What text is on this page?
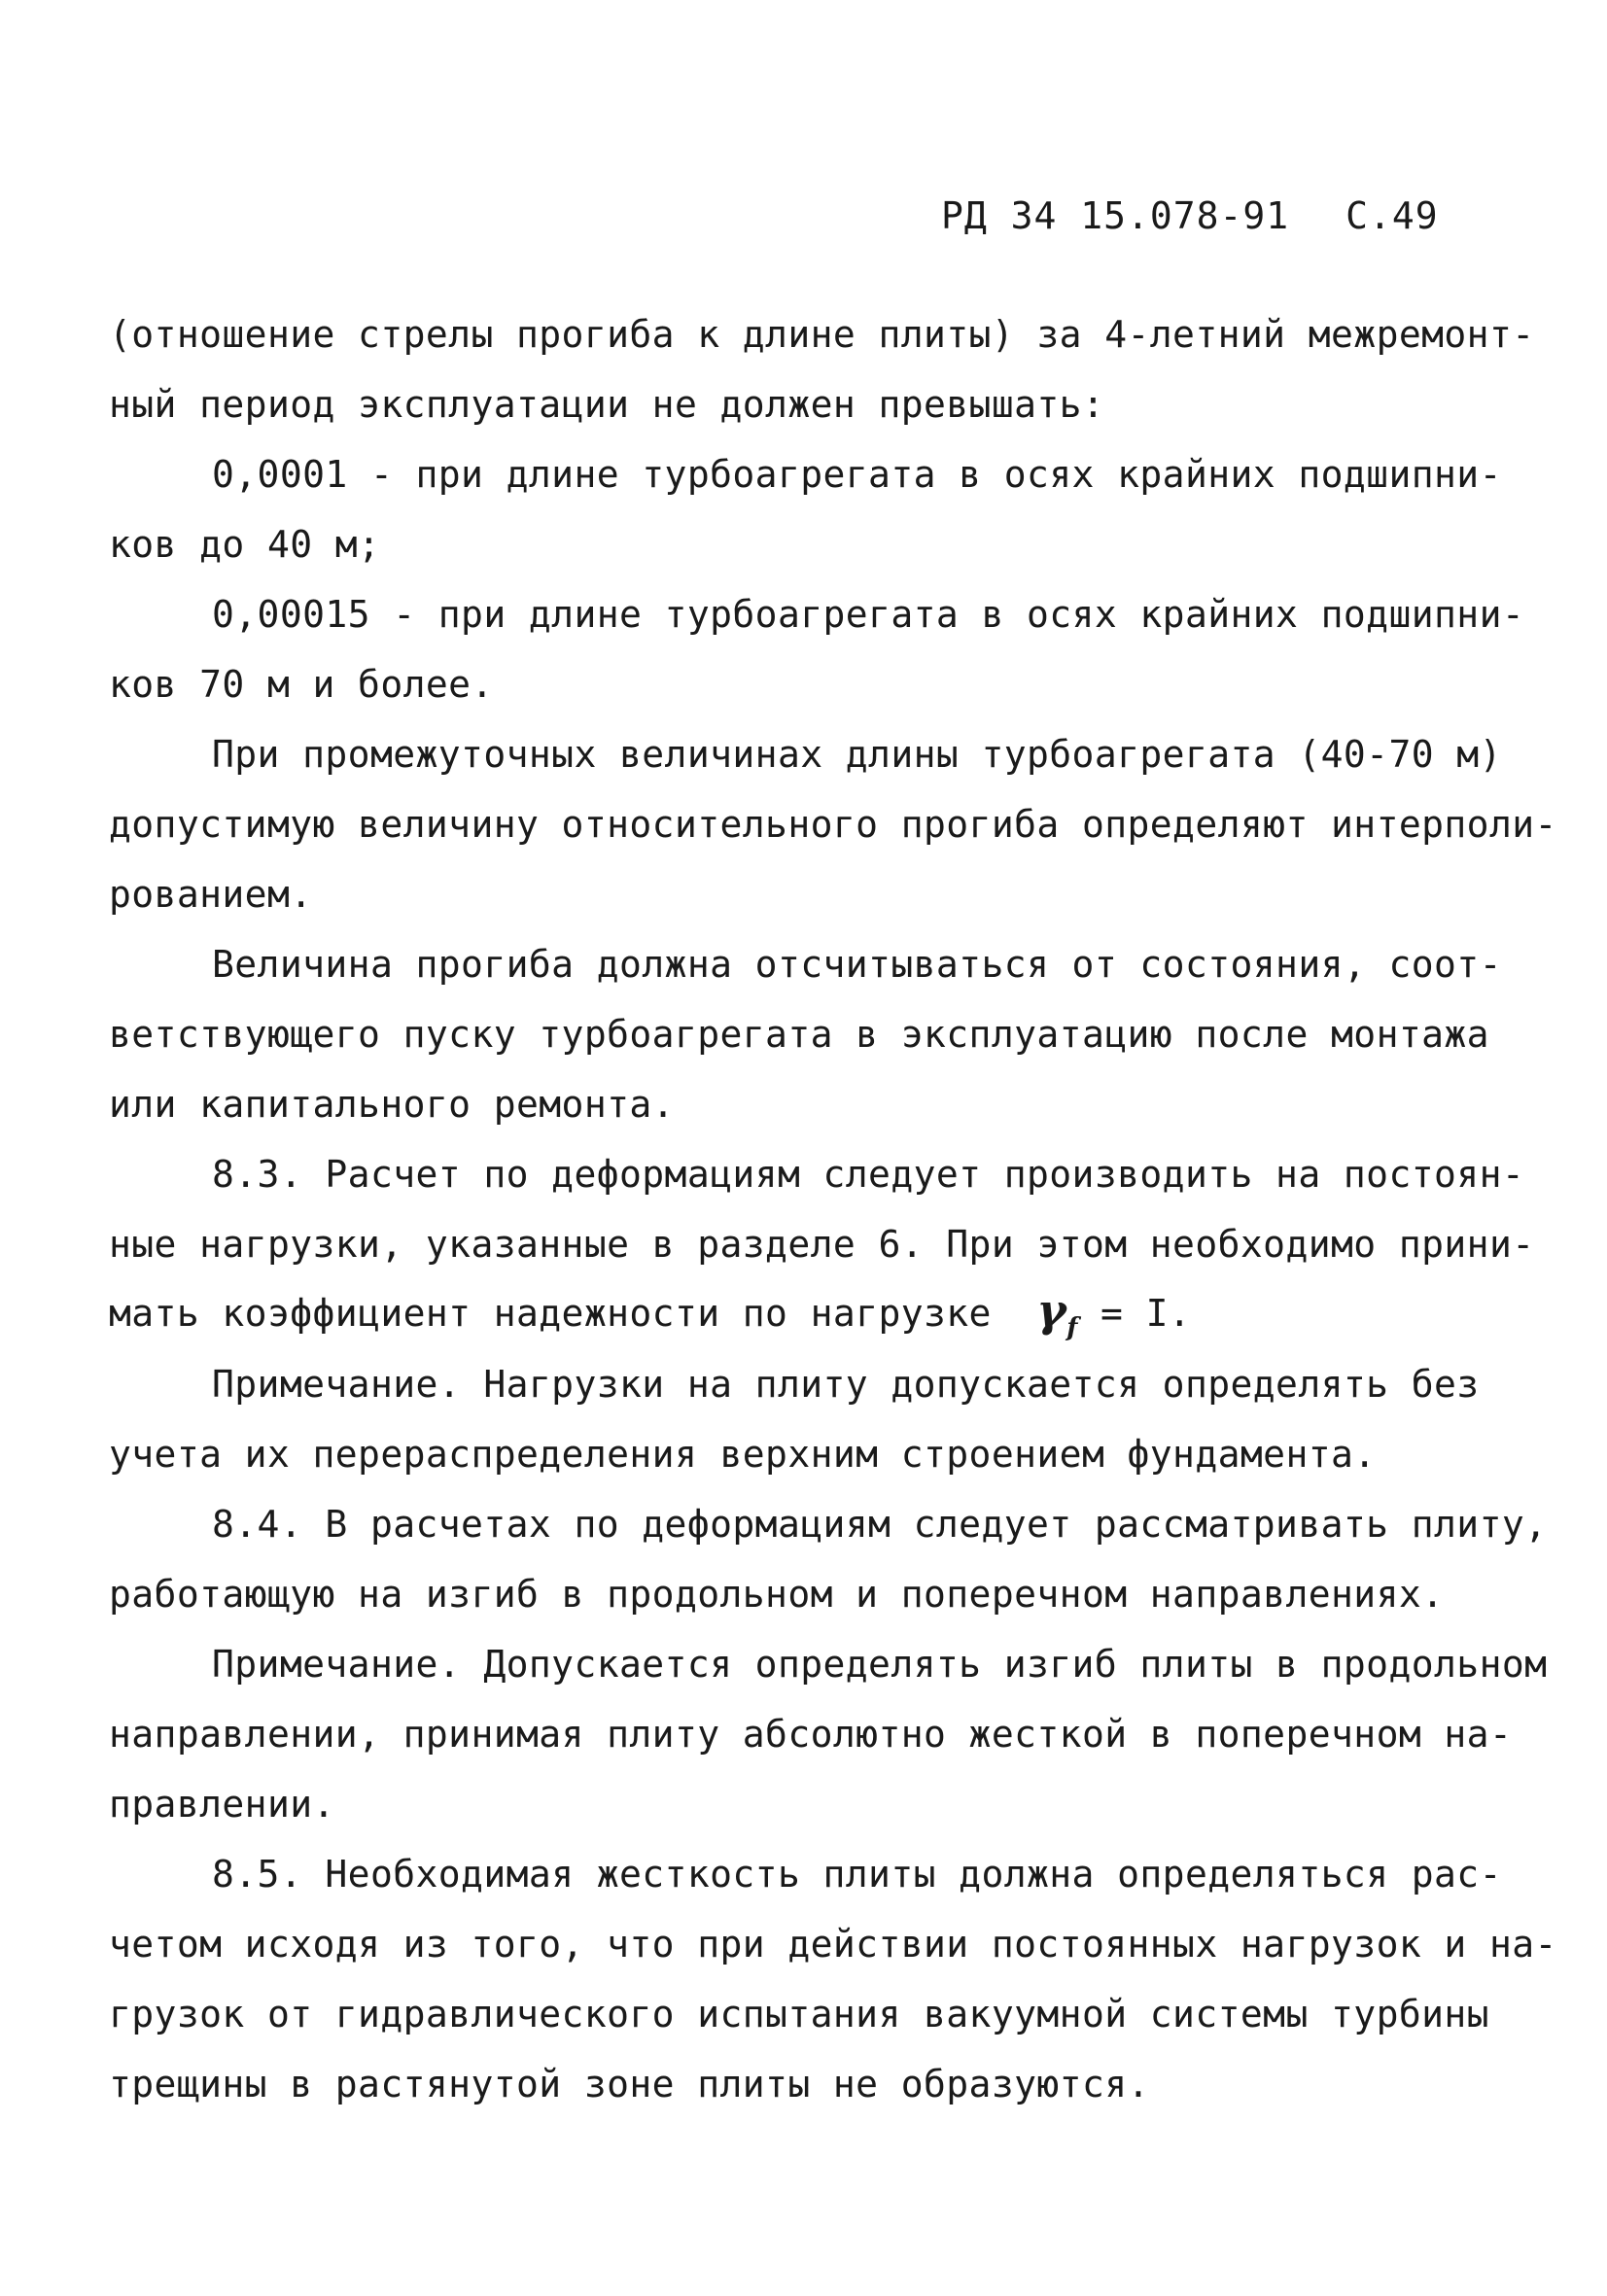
РД 34 15.078-91 С.49
(отношение стрелы прогиба к длине плиты) за 4-летний межремонт-
ный период эксплуатации не должен превышать:
0,0001 - при длине турбоагрегата в осях крайних подшипни-
ков до 40 м;
0,00015 - при длине турбоагрегата в осях крайних подшипни-
ков 70 м и более.
При промежуточных величинах длины турбоагрегата (40-70 м)
допустимую величину относительного прогиба определяют интерполи-
рованием.
Величина прогиба должна отсчитываться от состояния, соот-
ветствующего пуску турбоагрегата в эксплуатацию после монтажа
или капитального ремонта.
8.3. Расчет по деформациям следует производить на постоян-
ные нагрузки, указанные в разделе 6. При этом необходимо прини-
мать коэффициент надежности по нагрузке $\gamma_f = I$.
Примечание. Нагрузки на плиту допускается определять без
учета их перераспределения верхним строением фундамента.
8.4. В расчетах по деформациям следует рассматривать плиту,
работающую на изгиб в продольном и поперечном направлениях.
Примечание. Допускается определять изгиб плиты в продольном
направлении, принимая плиту абсолютно жесткой в поперечном на-
правлении.
8.5. Необходимая жесткость плиты должна определяться рас-
четом исходя из того, что при действии постоянных нагрузок и на-
грузок от гидравлического испытания вакуумной системы турбины
трещины в растянутой зоне плиты не образуются.
